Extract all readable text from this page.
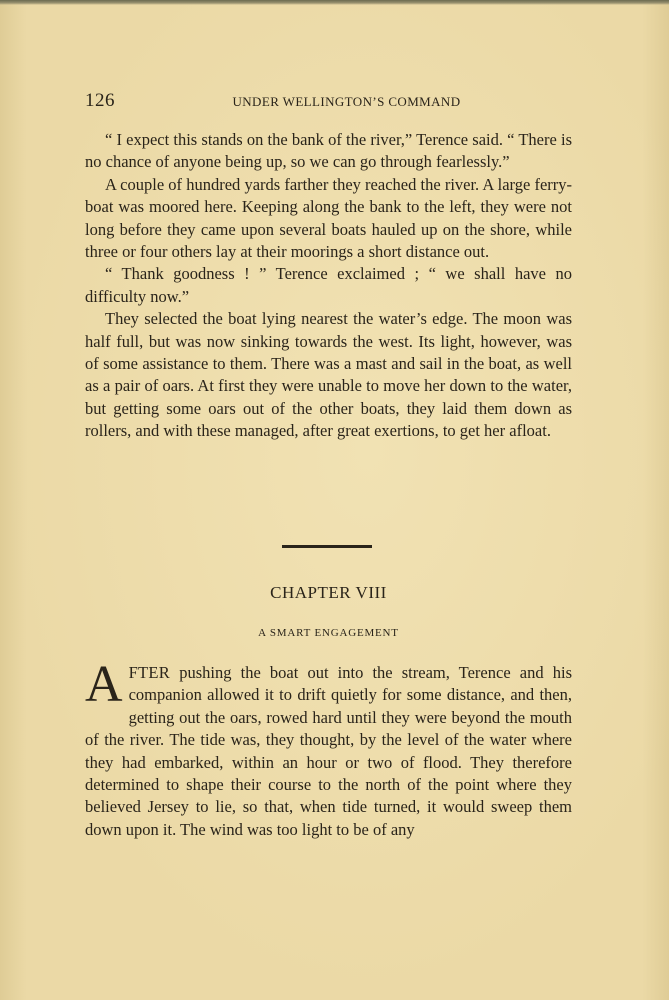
126	UNDER WELLINGTON’S COMMAND

“ I expect this stands on the bank of the river,” Terence said. “ There is no chance of anyone being up, so we can go through fearlessly.”

A couple of hundred yards farther they reached the river. A large ferry-boat was moored here. Keeping along the bank to the left, they were not long before they came upon several boats hauled up on the shore, while three or four others lay at their moorings a short distance out.

“ Thank goodness ! ” Terence exclaimed ; “ we shall have no difficulty now.”

They selected the boat lying nearest the water’s edge. The moon was half full, but was now sinking towards the west. Its light, however, was of some assistance to them. There was a mast and sail in the boat, as well as a pair of oars. At first they were unable to move her down to the water, but getting some oars out of the other boats, they laid them down as rollers, and with these managed, after great exertions, to get her afloat.

CHAPTER VIII
A SMART ENGAGEMENT

AFTER pushing the boat out into the stream, Terence and his companion allowed it to drift quietly for some distance, and then, getting out the oars, rowed hard until they were beyond the mouth of the river. The tide was, they thought, by the level of the water where they had embarked, within an hour or two of flood. They therefore determined to shape their course to the north of the point where they believed Jersey to lie, so that, when tide turned, it would sweep them down upon it. The wind was too light to be of any
